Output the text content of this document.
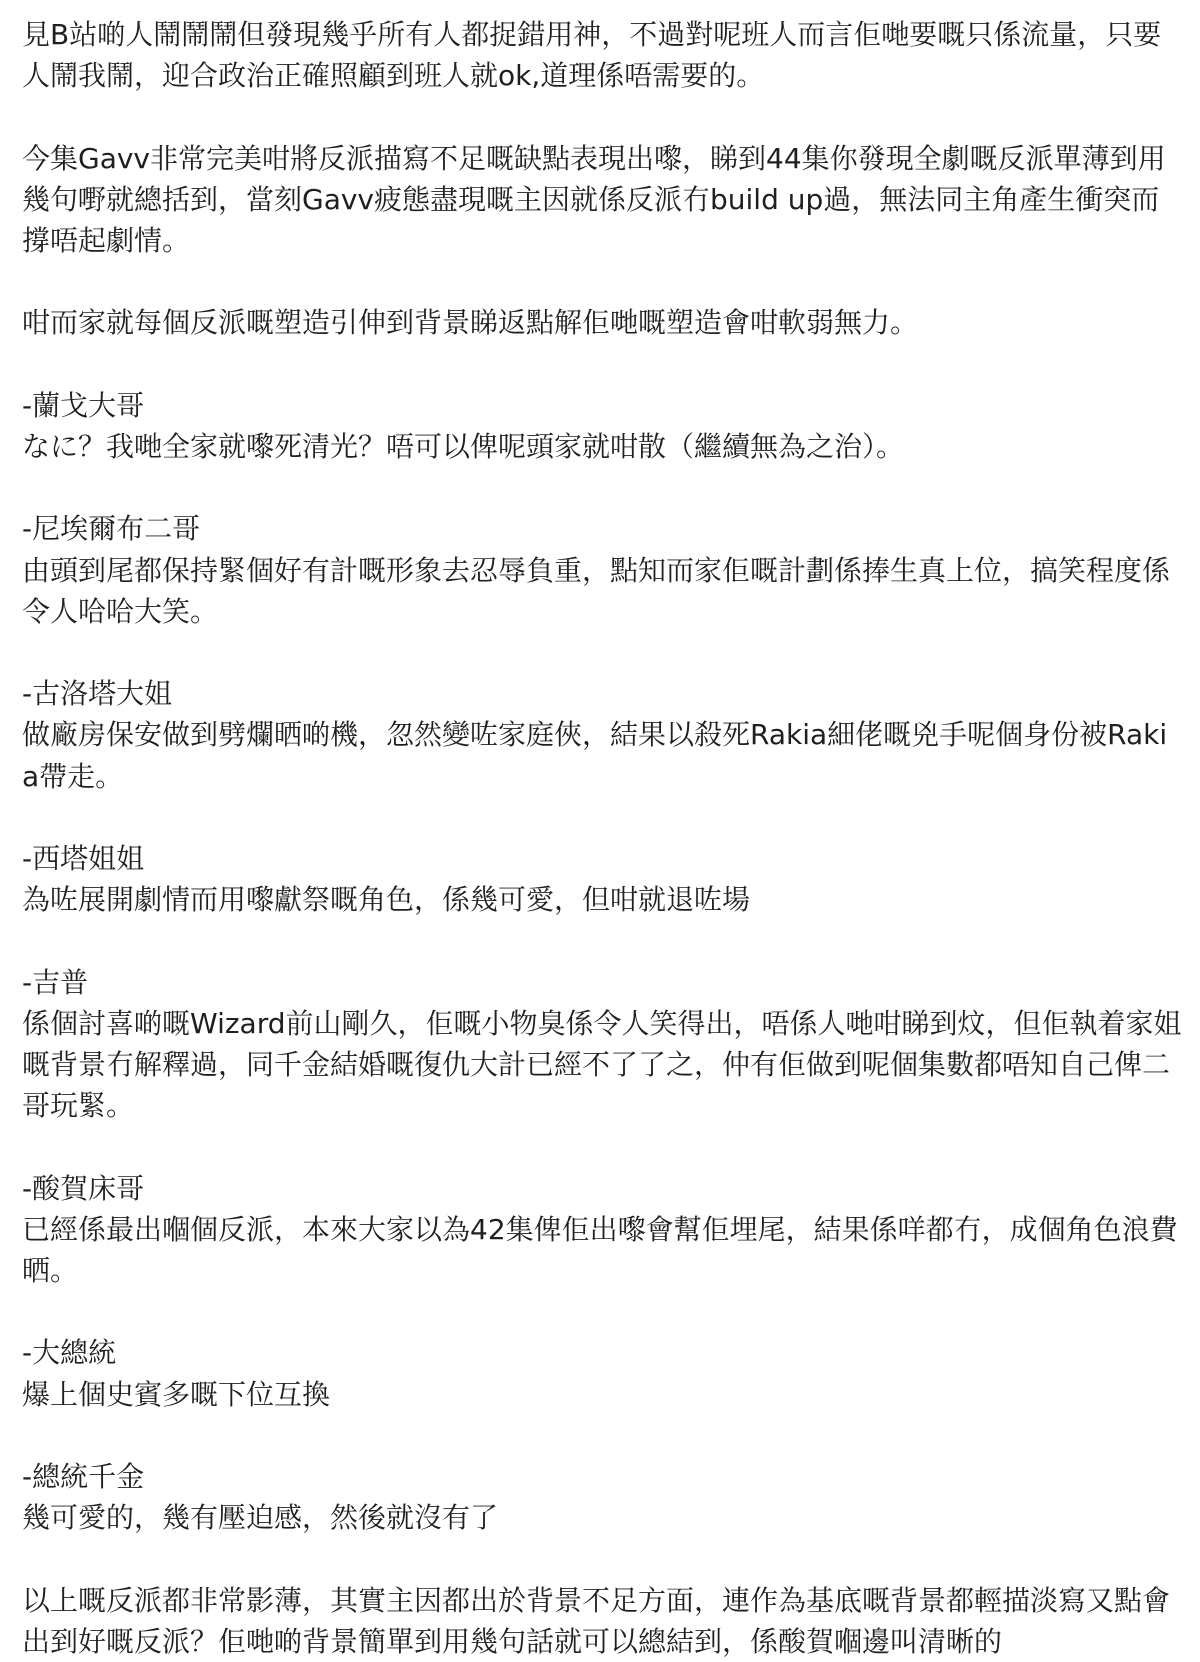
見B站啲人鬧鬧鬧但發現幾乎所有人都捉錯用神，不過對呢班人而言佢哋要嘅只係流量，只要人鬧我鬧，迎合政治正確照顧到班人就ok,道理係唔需要的。

今集Gavv非常完美咁將反派描寫不足嘅缺點表現出嚟，睇到44集你發現全劇嘅反派單薄到用幾句嘢就總括到，當刻Gavv疲態盡現嘅主因就係反派冇build up過，無法同主角產生衝突而撐唔起劇情。

咁而家就每個反派嘅塑造引伸到背景睇返點解佢哋嘅塑造會咁軟弱無力。

-蘭戈大哥
なに？我哋全家就嚟死清光？唔可以俾呢頭家就咁散（繼續無為之治）。
-尼埃爾布二哥
由頭到尾都保持緊個好有計嘅形象去忍辱負重，點知而家佢嘅計劃係捧生真上位，搞笑程度係令人哈哈大笑。
-古洛塔大姐
做廠房保安做到劈爛晒啲機，忽然變咗家庭俠，結果以殺死Rakia細佬嘅兇手呢個身份被Rakia帶走。
-西塔姐姐
為咗展開劇情而用嚟獻祭嘅角色，係幾可愛，但咁就退咗場
-吉普
係個討喜啲嘅Wizard前山剛久，佢嘅小物臭係令人笑得出，唔係人哋咁睇到炆，但佢執着家姐嘅背景冇解釋過，同千金結婚嘅復仇大計已經不了了之，仲有佢做到呢個集數都唔知自己俾二哥玩緊。
-酸賀床哥
已經係最出嗰個反派，本來大家以為42集俾佢出嚟會幫佢埋尾，結果係咩都冇，成個角色浪費晒。
-大總統
爆上個史賓多嘅下位互換
-總統千金
幾可愛的，幾有壓迫感，然後就沒有了

以上嘅反派都非常影薄，其實主因都出於背景不足方面，連作為基底嘅背景都輕描淡寫又點會出到好嘅反派？佢哋啲背景簡單到用幾句話就可以總結到，係酸賀嗰邊叫清晰的
